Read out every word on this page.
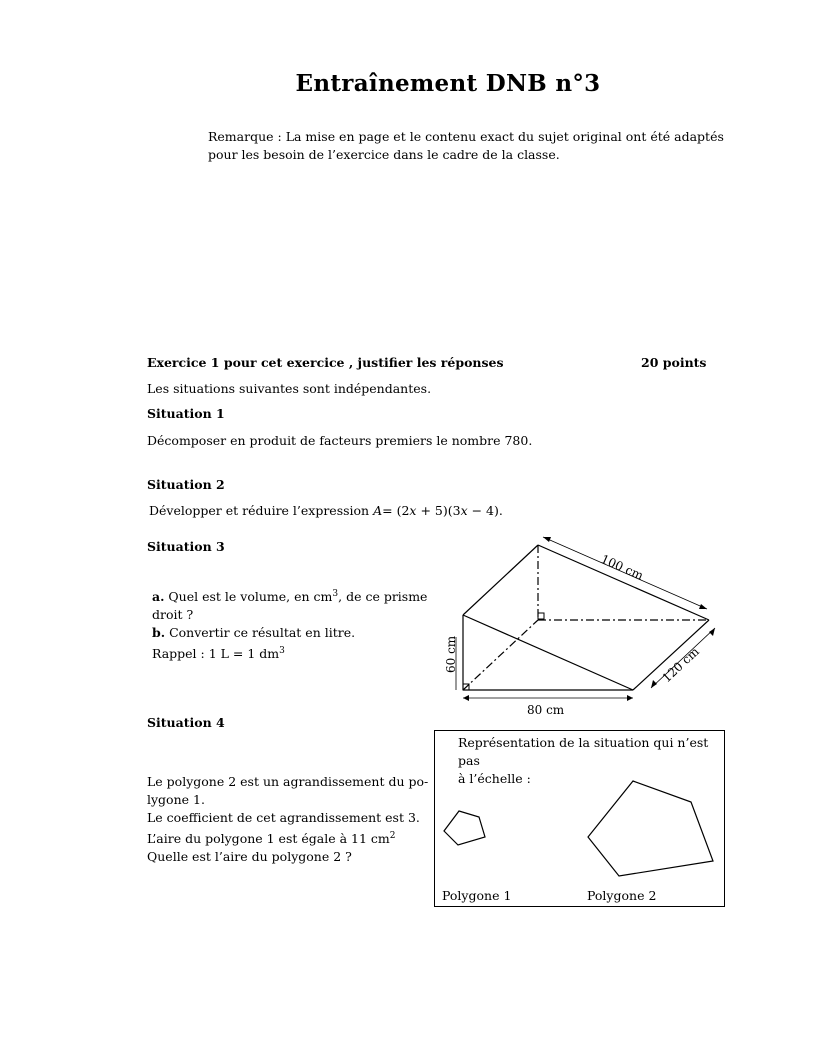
Entraînement DNB n°3
Remarque : La mise en page et le contenu exact du sujet original ont été adaptés
pour les besoin de l’exercice dans le cadre de la classe.
Exercice 1 pour cet exercice , justifier les réponses	20 points
Les situations suivantes sont indépendantes.
Situation 1
Décomposer en produit de facteurs premiers le nombre 780.
Situation 2
Développer et réduire l’expression A= (2x + 5)(3x − 4).
Situation 3
a. Quel est le volume, en $cm^3$, de ce prisme
droit ?
b. Convertir ce résultat en litre.
Rappel : 1 L = 1 $dm^3$
100 cm
120 cm
60 cm
80 cm
Situation 4
Le polygone 2 est un agrandissement du po-
lygone 1.
Le coefficient de cet agrandissement est 3.
L’aire du polygone 1 est égale à 11 $cm^2$
Quelle est l’aire du polygone 2 ?
Représentation de la situation qui n’est pas
à l’échelle :
Polygone 1	Polygone 2
